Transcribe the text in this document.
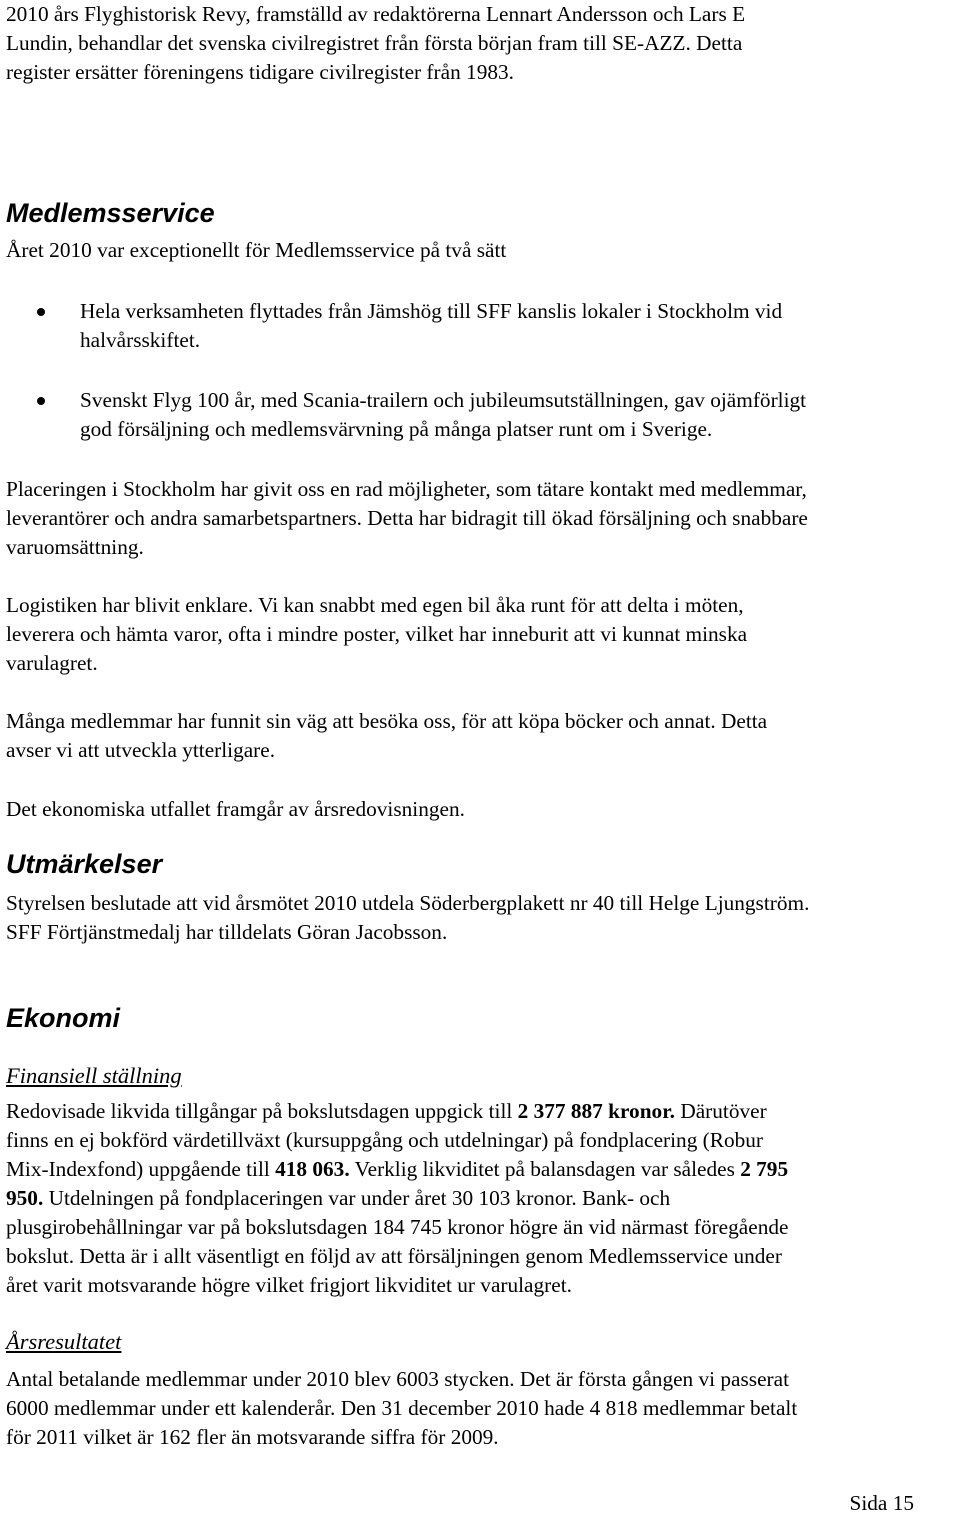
2010 års Flyghistorisk Revy, framställd av redaktörerna Lennart Andersson och Lars E
Lundin, behandlar det svenska civilregistret från första början fram till SE-AZZ. Detta
register ersätter föreningens tidigare civilregister från 1983.
Medlemsservice
Året 2010 var exceptionellt för Medlemsservice på två sätt
Hela verksamheten flyttades från Jämshög till SFF kanslis lokaler i Stockholm vid
halvårsskiftet.
Svenskt Flyg 100 år, med Scania-trailern och jubileumsutställningen, gav ojämförligt
god försäljning och medlemsvärvning på många platser runt om i Sverige.
Placeringen i Stockholm har givit oss en rad möjligheter, som tätare kontakt med medlemmar,
leverantörer och andra samarbetspartners. Detta har bidragit till ökad försäljning och snabbare
varuomsättning.
Logistiken har blivit enklare. Vi kan snabbt med egen bil åka runt för att delta i möten,
leverera och hämta varor, ofta i mindre poster, vilket har inneburit att vi kunnat minska
varulagret.
Många medlemmar har funnit sin väg att besöka oss, för att köpa böcker och annat. Detta
avser vi att utveckla ytterligare.
Det ekonomiska utfallet framgår av årsredovisningen.
Utmärkelser
Styrelsen beslutade att vid årsmötet 2010 utdela Söderbergplakett nr 40 till Helge Ljungström.
SFF Förtjänstmedalj har tilldelats Göran Jacobsson.
Ekonomi
Finansiell ställning
Redovisade likvida tillgångar på bokslutsdagen uppgick till 2 377 887 kronor. Därutöver
finns en ej bokförd värdetillväxt (kursuppgång och utdelningar) på fondplacering (Robur
Mix-Indexfond) uppgående till 418 063. Verklig likviditet på balansdagen var således 2 795
950. Utdelningen på fondplaceringen var under året 30 103 kronor. Bank- och
plusgirobehållningar var på bokslutsdagen 184 745 kronor högre än vid närmast föregående
bokslut. Detta är i allt väsentligt en följd av att försäljningen genom Medlemsservice under
året varit motsvarande högre vilket frigjort likviditet ur varulagret.
Årsresultatet
Antal betalande medlemmar under 2010 blev 6003 stycken. Det är första gången vi passerat
6000 medlemmar under ett kalenderår. Den 31 december 2010 hade 4 818 medlemmar betalt
för 2011 vilket är 162 fler än motsvarande siffra för 2009.
Sida 15
